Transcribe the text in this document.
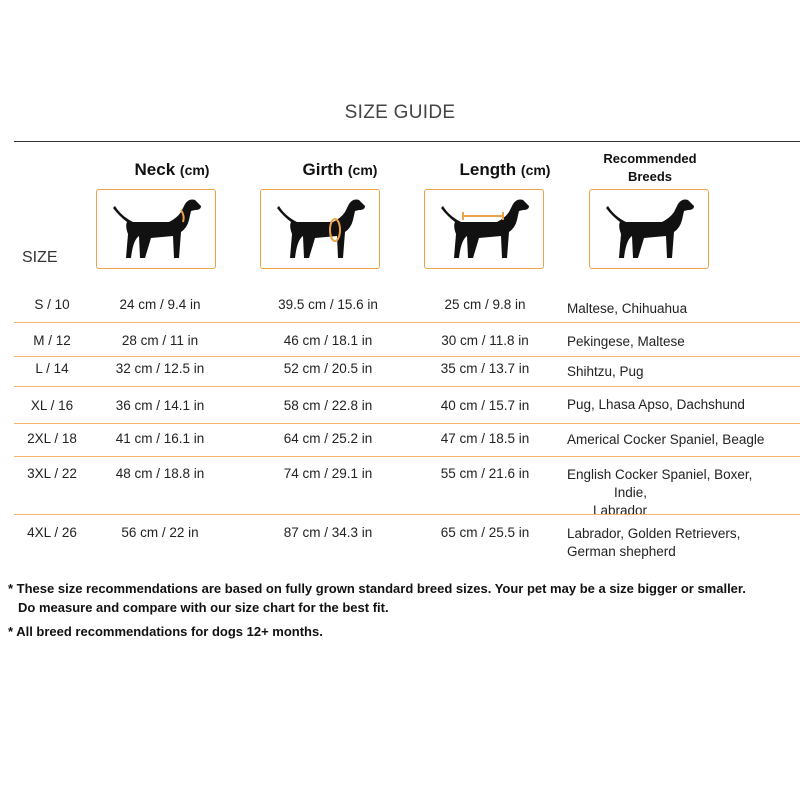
SIZE GUIDE
Neck (cm)	Girth (cm)	Length (cm)
Recommended
Breeds
SIZE
S / 10	24 cm / 9.4 in	39.5 cm / 15.6 in	25 cm / 9.8 in	Maltese, Chihuahua
M / 12	28 cm / 11 in	46 cm / 18.1 in	30 cm / 11.8 in	Pekingese, Maltese
L / 14	32 cm / 12.5 in	52 cm / 20.5 in	35 cm / 13.7 in	Shihtzu, Pug
XL / 16	36 cm / 14.1 in	58 cm / 22.8 in	40 cm / 15.7 in	Pug, Lhasa Apso, Dachshund
2XL / 18	41 cm / 16.1 in	64 cm / 25.2 in	47 cm / 18.5 in	Americal Cocker Spaniel, Beagle
3XL / 22	48 cm / 18.8 in	74 cm / 29.1 in	55 cm / 21.6 in	English Cocker Spaniel, Boxer,
Indie, Labrador
4XL / 26	56 cm / 22 in	87 cm / 34.3 in	65 cm / 25.5 in	Labrador, Golden Retrievers,
German shepherd
* These size recommendations are based on fully grown standard breed sizes. Your pet may be a size bigger or smaller.
Do measure and compare with our size chart for the best fit.
* All breed recommendations for dogs 12+ months.
